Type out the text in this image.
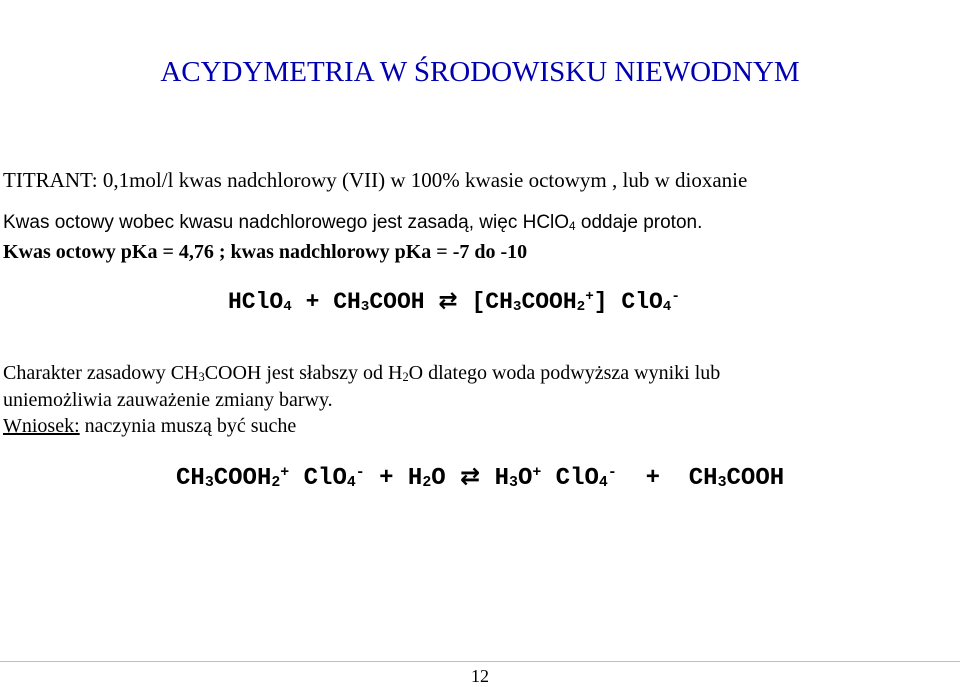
ACYDYMETRIA W ŚRODOWISKU NIEWODNYM
TITRANT: 0,1mol/l kwas nadchlorowy (VII) w 100% kwasie octowym , lub w dioxanie
Kwas octowy wobec kwasu nadchlorowego jest zasadą, więc HClO4 oddaje proton.
Kwas octowy pKa = 4,76 ; kwas nadchlorowy pKa = -7 do -10
HClO4 + CH3COOH ⇄ [CH3COOH2+] ClO4-
Charakter zasadowy CH3COOH jest słabszy od H2O dlatego woda podwyższa wyniki lub
uniemożliwia zauważenie zmiany barwy.
Wniosek: naczynia muszą być suche
CH3COOH2+ ClO4- + H2O ⇄ H3O+ ClO4-  +  CH3COOH
12
